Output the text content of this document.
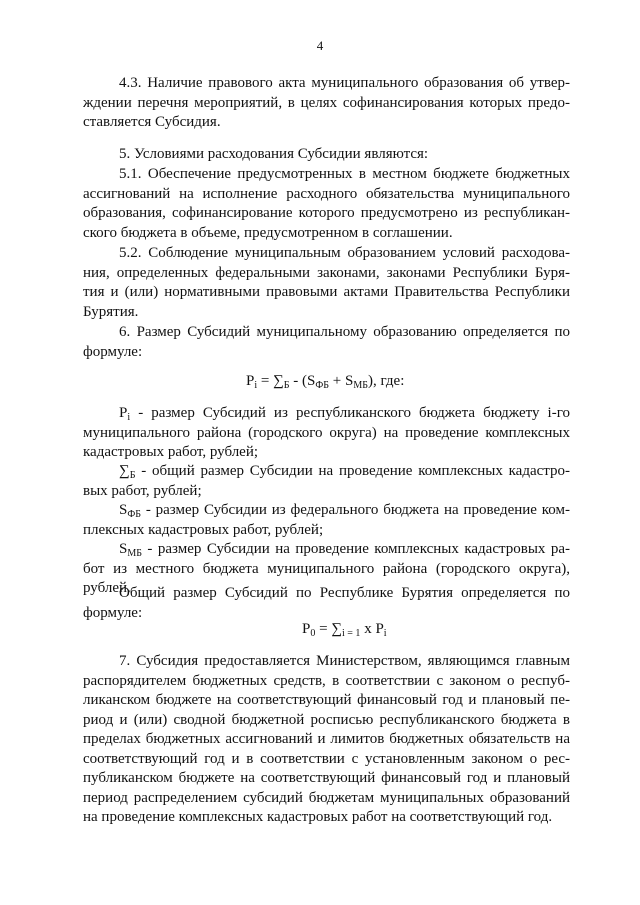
4
4.3. Наличие правового акта муниципального образования об утвер-
ждении перечня мероприятий, в целях софинансирования которых предо-
ставляется Субсидия.
5. Условиями расходования Субсидии являются:
5.1. Обеспечение предусмотренных в местном бюджете бюджетных
ассигнований на исполнение расходного обязательства муниципального
образования, софинансирование которого предусмотрено из республикан-
ского бюджета в объеме, предусмотренном в соглашении.
5.2. Соблюдение муниципальным образованием условий расходова-
ния, определенных федеральными законами, законами Республики Буря-
тия и (или) нормативными правовыми актами Правительства Республики
Бурятия.
6. Размер Субсидий муниципальному образованию определяется по
формуле:
$P_i = \sum_Б - (S_{ФБ} + S_{МБ})$, где:
$P_i$ - размер Субсидий из республиканского бюджета бюджету i-го
муниципального района (городского округа) на проведение комплексных
кадастровых работ, рублей;
$\sum_Б$ - общий размер Субсидии на проведение комплексных кадастро-
вых работ, рублей;
$S_{ФБ}$ - размер Субсидии из федерального бюджета на проведение ком-
плексных кадастровых работ, рублей;
$S_{МБ}$ - размер Субсидии на проведение комплексных кадастровых ра-
бот из местного бюджета муниципального района (городского округа),
рублей.
Общий размер Субсидий по Республике Бурятия определяется по
формуле:
$P_0 = \sum_{i = 1}$ x $P_i$
7. Субсидия предоставляется Министерством, являющимся главным
распорядителем бюджетных средств, в соответствии с законом о респуб-
ликанском бюджете на соответствующий финансовый год и плановый пе-
риод и (или) сводной бюджетной росписью республиканского бюджета в
пределах бюджетных ассигнований и лимитов бюджетных обязательств на
соответствующий год и в соответствии с установленным законом о рес-
публиканском бюджете на соответствующий финансовый год и плановый
период распределением субсидий бюджетам муниципальных образований
на проведение комплексных кадастровых работ на соответствующий год.
